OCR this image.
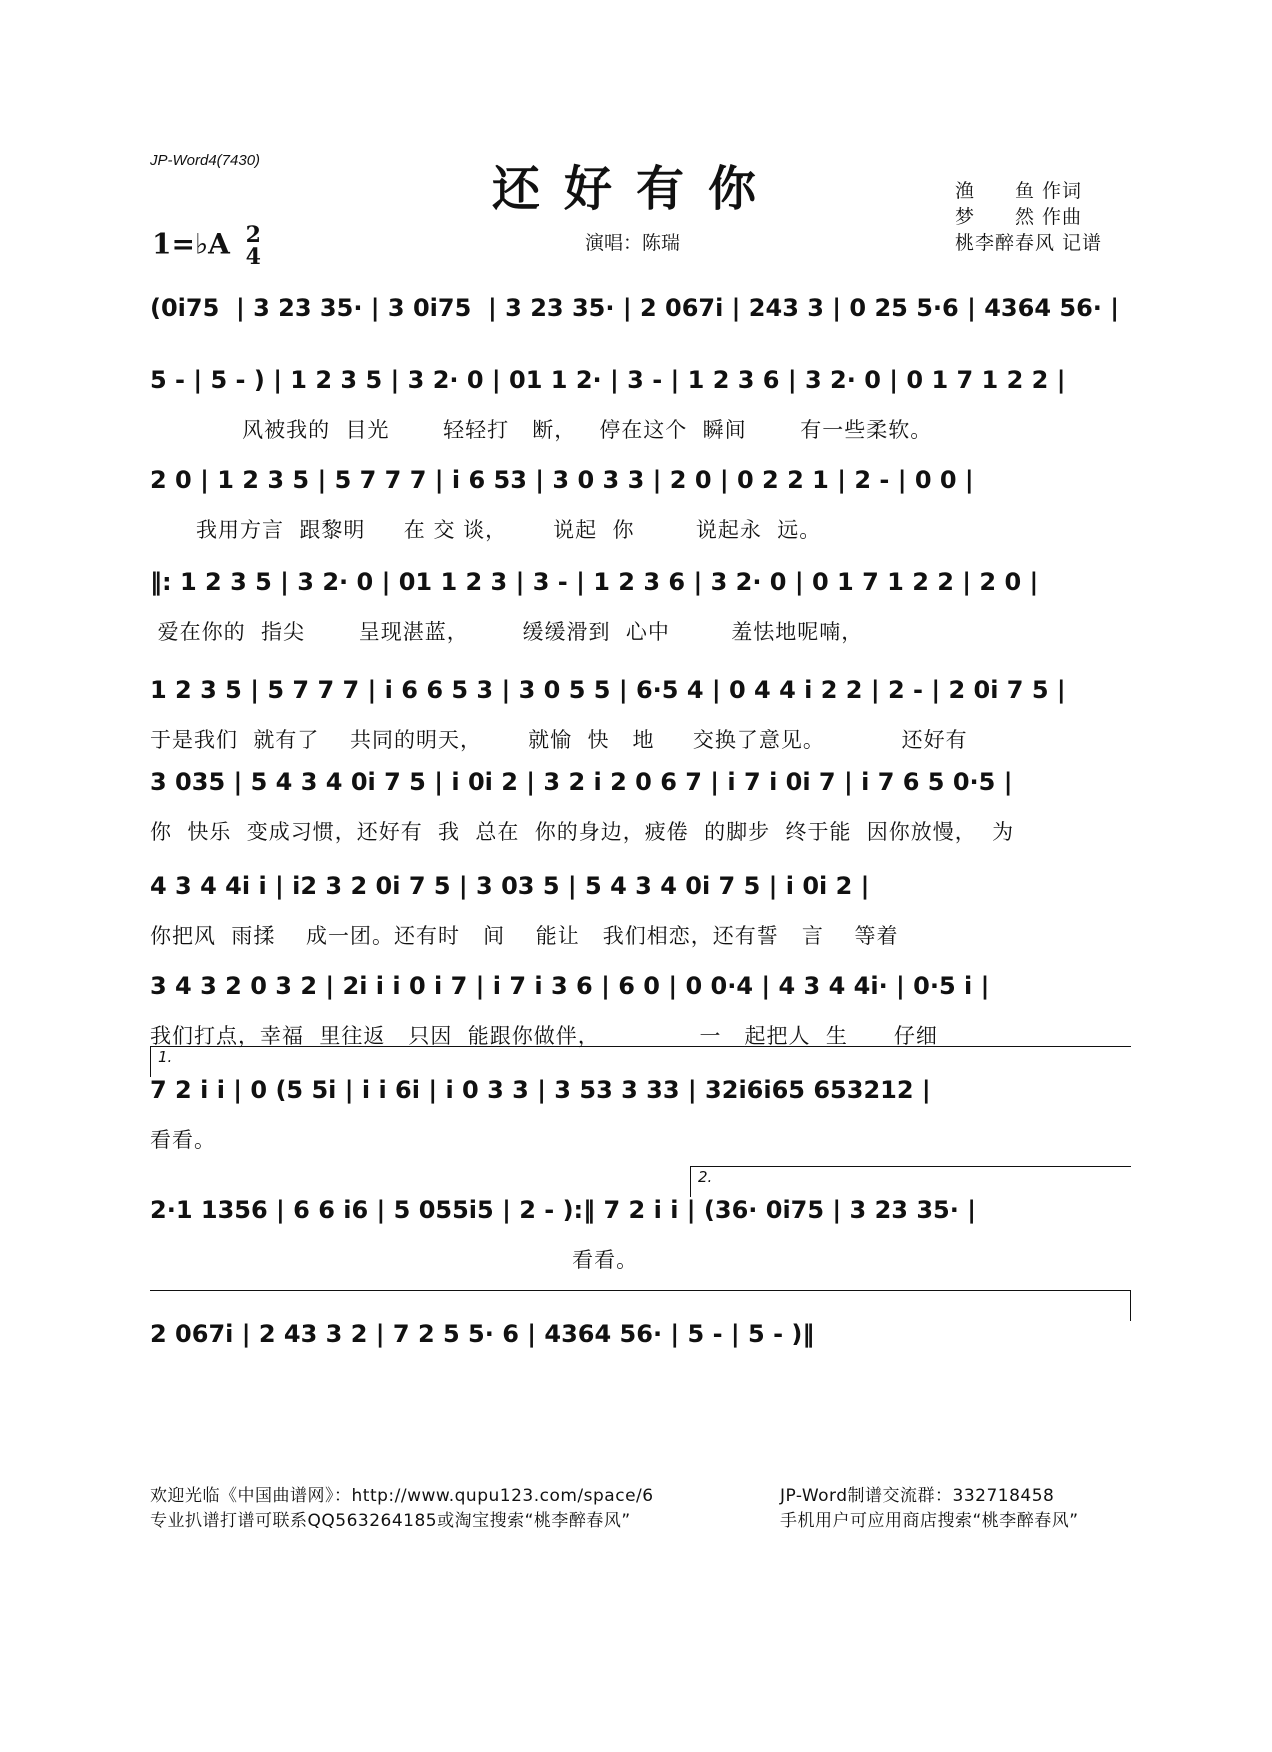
JP-Word4(7430)
还好有你
1=♭A 2
4
演唱：陈瑞
渔　　鱼 作词
梦　　然 作曲
桃李醉春风 记谱
(0i75  | 3 23 35· | 3 0i75  | 3 23 35· | 2 067i | 243 3 | 0 25 5·6 | 4364 56· |
5 - | 5 - ) | 1 2 3 5 | 3 2· 0 | 01 1 2· | 3 - | 1 2 3 6 | 3 2· 0 | 0 1 7 1 2 2 |
风被我的  目光       轻轻打   断，   停在这个  瞬间       有一些柔软。
2 0 | 1 2 3 5 | 5 7 7 7 | i 6 53 | 3 0 3 3 | 2 0 | 0 2 2 1 | 2 - | 0 0 |
我用方言  跟黎明     在 交 谈，      说起  你        说起永  远。
‖: 1 2 3 5 | 3 2· 0 | 01 1 2 3 | 3 - | 1 2 3 6 | 3 2· 0 | 0 1 7 1 2 2 | 2 0 |
爱在你的  指尖       呈现湛蓝，       缓缓滑到  心中        羞怯地呢喃，
1 2 3 5 | 5 7 7 7 | i 6 6 5 3 | 3 0 5 5 | 6·5 4 | 0 4 4 i 2 2 | 2 - | 2 0i 7 5 |
于是我们  就有了    共同的明天，      就愉  快   地     交换了意见。          还好有
3 035 | 5 4 3 4 0i 7 5 | i 0i 2 | 3 2 i 2 0 6 7 | i 7 i 0i 7 | i 7 6 5 0·5 |
你  快乐  变成习惯，还好有  我  总在  你的身边，疲倦  的脚步  终于能  因你放慢，  为
4 3 4 4i i | i2 3 2 0i 7 5 | 3 03 5 | 5 4 3 4 0i 7 5 | i 0i 2 |
你把风  雨揉    成一团。还有时   间    能让   我们相恋，还有誓   言    等着
3 4 3 2 0 3 2 | 2i i i 0 i 7 | i 7 i 3 6 | 6 0 | 0 0·4 | 4 3 4 4i· | 0·5 i |
我们打点，幸福  里往返   只因  能跟你做伴，             一   起把人  生      仔细
1.
7 2 i i | 0 (5 5i | i i 6i | i 0 3 3 | 3 53 3 33 | 32i6i65 653212 |
看看。
2.
2·1 1356 | 6 6 i6 | 5 055i5 | 2 - ):‖ 7 2 i i | (36· 0i75 | 3 23 35· |
看看。
2 067i | 2 43 3 2 | 7 2 5 5· 6 | 4364 56· | 5 - | 5 - )‖
欢迎光临《中国曲谱网》：http://www.qupu123.com/space/6
专业扒谱打谱可联系QQ563264185或淘宝搜索“桃李醉春风”
JP-Word制谱交流群：332718458
手机用户可应用商店搜索“桃李醉春风”
